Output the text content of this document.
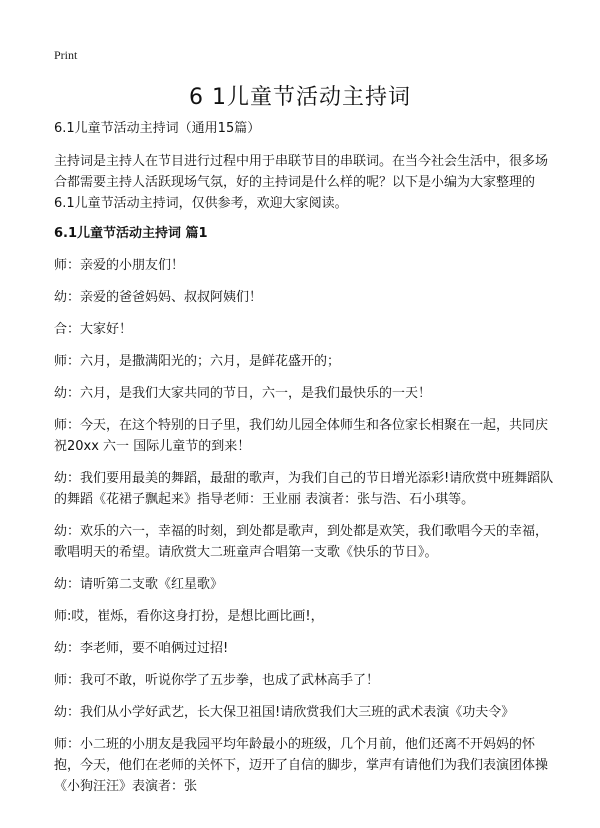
Print
6 1儿童节活动主持词

6.1儿童节活动主持词（通用15篇）

主持词是主持人在节目进行过程中用于串联节目的串联词。在当今社会生活中，很多场合都需要主持人活跃现场气氛，好的主持词是什么样的呢？以下是小编为大家整理的6.1儿童节活动主持词，仅供参考，欢迎大家阅读。

6.1儿童节活动主持词 篇1

师：亲爱的小朋友们！

幼：亲爱的爸爸妈妈、叔叔阿姨们！

合：大家好！

师：六月，是撒满阳光的；六月，是鲜花盛开的；

幼：六月，是我们大家共同的节日，六一，是我们最快乐的一天！

师：今天，在这个特别的日子里，我们幼儿园全体师生和各位家长相聚在一起，共同庆祝20xx 六一 国际儿童节的到来！

幼：我们要用最美的舞蹈，最甜的歌声，为我们自己的节日增光添彩!请欣赏中班舞蹈队的舞蹈《花裙子飘起来》指导老师：王业丽 表演者：张与浩、石小琪等。

幼：欢乐的六一，幸福的时刻，到处都是歌声，到处都是欢笑，我们歌唱今天的幸福，歌唱明天的希望。请欣赏大二班童声合唱第一支歌《快乐的节日》。

幼：请听第二支歌《红星歌》

师:哎，崔烁，看你这身打扮，是想比画比画!，

幼：李老师，要不咱俩过过招!

师：我可不敢，听说你学了五步拳，也成了武林高手了！

幼：我们从小学好武艺，长大保卫祖国!请欣赏我们大三班的武术表演《功夫令》

师：小二班的小朋友是我园平均年龄最小的班级，几个月前，他们还离不开妈妈的怀抱，今天，他们在老师的关怀下，迈开了自信的脚步，掌声有请他们为我们表演团体操《小狗汪汪》表演者：张
